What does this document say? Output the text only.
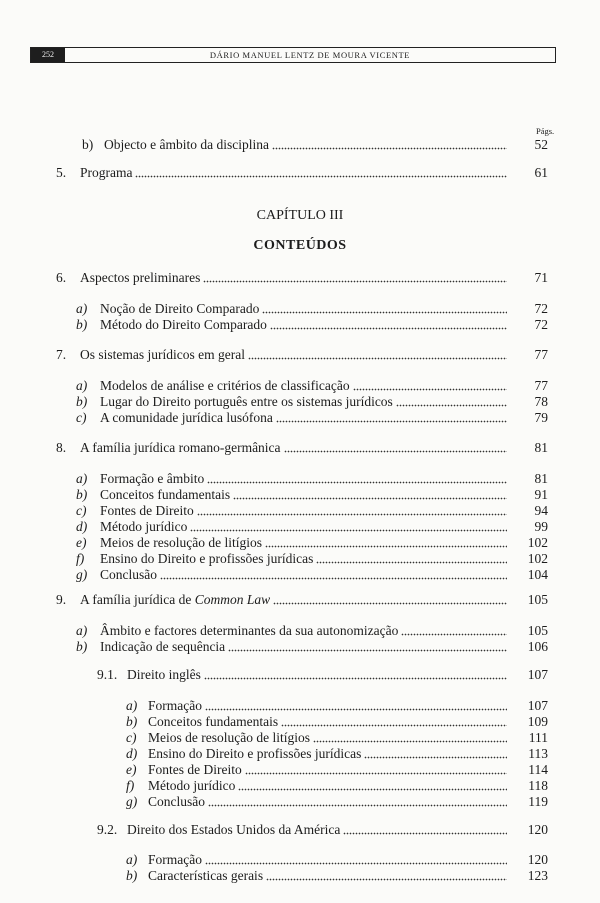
252	DÁRIO MANUEL LENTZ DE MOURA VICENTE
Págs.
CAPÍTULO III
CONTEÚDOS
b) Objecto e âmbito da disciplina	52
5.	Programa	61
6.	Aspectos preliminares	71
a) Noção de Direito Comparado	72
b) Método do Direito Comparado	72
7.	Os sistemas jurídicos em geral	77
a) Modelos de análise e critérios de classificação	77
b) Lugar do Direito português entre os sistemas jurídicos	78
c)	A comunidade jurídica lusófona	79
8.	A família jurídica romano-germânica	81
a) Formação e âmbito	81
b) Conceitos fundamentais	91
c)	Fontes de Direito	94
d) Método jurídico	99
e)	Meios de resolução de litígios	102
f)	Ensino do Direito e profissões jurídicas	102
g) Conclusão	104
9.	A família jurídica de Common Law	105
a) Âmbito e factores determinantes da sua autonomização	105
b) Indicação de sequência	106
9.1. Direito inglês	107
a) Formação	107
b) Conceitos fundamentais	109
c) Meios de resolução de litígios	111
d) Ensino do Direito e profissões jurídicas	113
e) Fontes de Direito	114
f)	Método jurídico	118
g) Conclusão	119
9.2. Direito dos Estados Unidos da América	120
a) Formação	120
b) Características gerais	123
